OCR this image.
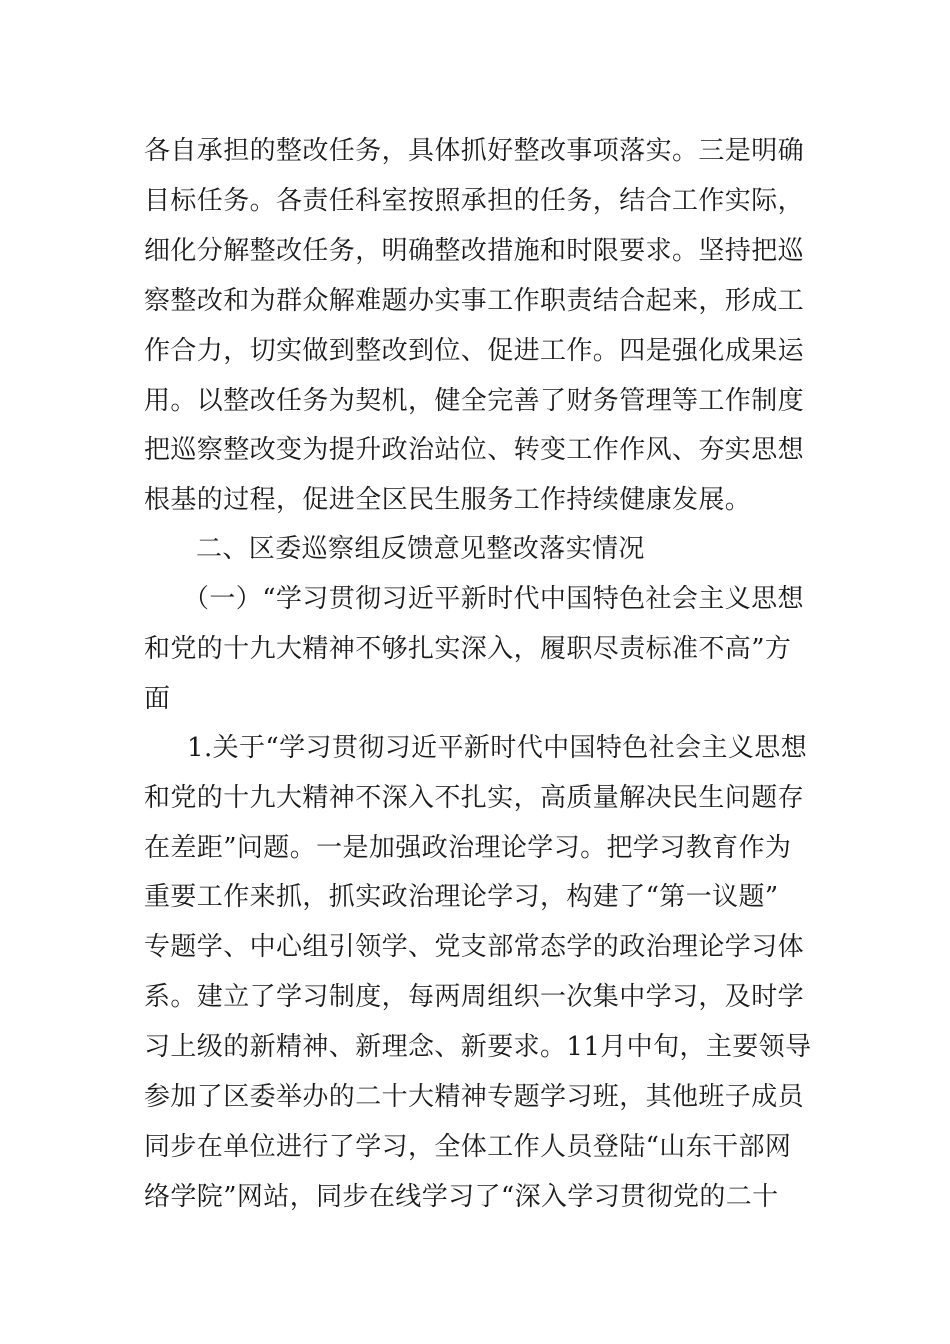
各自承担的整改任务，具体抓好整改事项落实。三是明确
目标任务。各责任科室按照承担的任务，结合工作实际，
细化分解整改任务，明确整改措施和时限要求。坚持把巡
察整改和为群众解难题办实事工作职责结合起来，形成工
作合力，切实做到整改到位、促进工作。四是强化成果运
用。以整改任务为契机，健全完善了财务管理等工作制度
把巡察整改变为提升政治站位、转变工作作风、夯实思想
根基的过程，促进全区民生服务工作持续健康发展。
二、区委巡察组反馈意见整改落实情况
（一）“学习贯彻习近平新时代中国特色社会主义思想
和党的十九大精神不够扎实深入，履职尽责标准不高”方
面
1.关于“学习贯彻习近平新时代中国特色社会主义思想
和党的十九大精神不深入不扎实，高质量解决民生问题存
在差距”问题。一是加强政治理论学习。把学习教育作为
重要工作来抓，抓实政治理论学习，构建了“第一议题”
专题学、中心组引领学、党支部常态学的政治理论学习体
系。建立了学习制度，每两周组织一次集中学习，及时学
习上级的新精神、新理念、新要求。11月中旬，主要领导
参加了区委举办的二十大精神专题学习班，其他班子成员
同步在单位进行了学习，全体工作人员登陆“山东干部网
络学院”网站，同步在线学习了“深入学习贯彻党的二十
